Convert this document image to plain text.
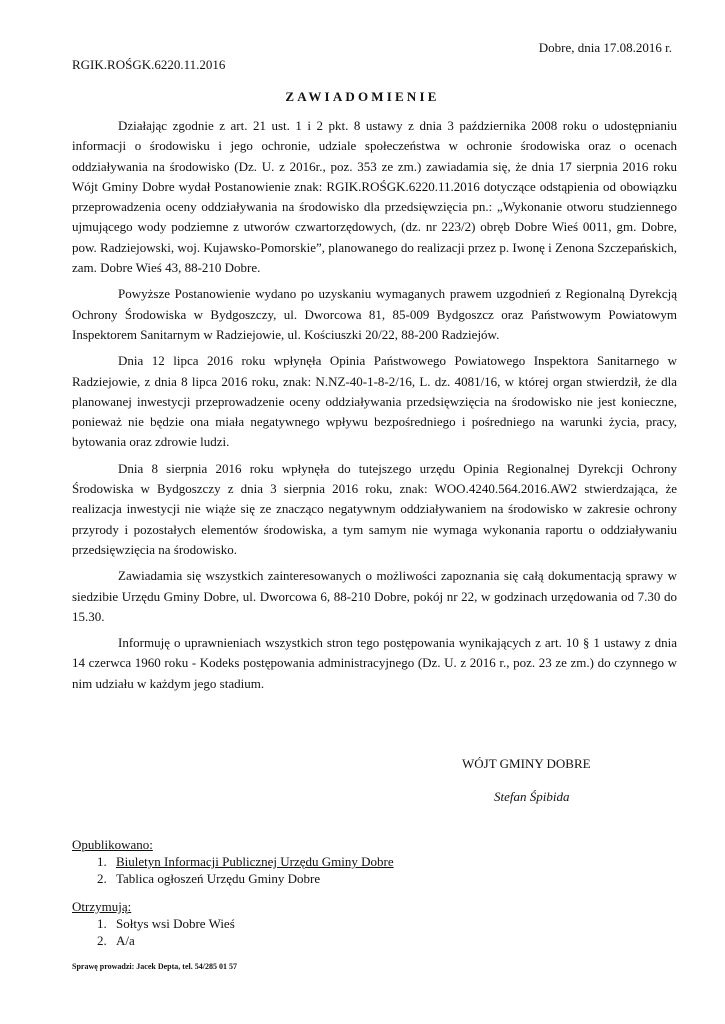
Dobre, dnia 17.08.2016 r.
RGIK.ROŚGK.6220.11.2016
ZAWIADOMIENIE

Działając zgodnie z art. 21 ust. 1 i 2 pkt. 8 ustawy z dnia 3 października 2008 roku o udostępnianiu informacji o środowisku i jego ochronie, udziale społeczeństwa w ochronie środowiska oraz o ocenach oddziaływania na środowisko (Dz. U. z 2016r., poz. 353 ze zm.) zawiadamia się, że dnia 17 sierpnia 2016 roku Wójt Gminy Dobre wydał Postanowienie znak: RGIK.ROŚGK.6220.11.2016 dotyczące odstąpienia od obowiązku przeprowadzenia oceny oddziaływania na środowisko dla przedsięwzięcia pn.: „Wykonanie otworu studziennego ujmującego wody podziemne z utworów czwartorzędowych, (dz. nr 223/2) obręb Dobre Wieś 0011, gm. Dobre, pow. Radziejowski, woj. Kujawsko-Pomorskie”, planowanego do realizacji przez p. Iwonę i Zenona Szczepańskich, zam. Dobre Wieś 43, 88-210 Dobre.

Powyższe Postanowienie wydano po uzyskaniu wymaganych prawem uzgodnień z Regionalną Dyrekcją Ochrony Środowiska w Bydgoszczy, ul. Dworcowa 81, 85-009 Bydgoszcz oraz Państwowym Powiatowym Inspektorem Sanitarnym w Radziejowie, ul. Kościuszki 20/22, 88-200 Radziejów.

Dnia 12 lipca 2016 roku wpłynęła Opinia Państwowego Powiatowego Inspektora Sanitarnego w Radziejowie, z dnia 8 lipca 2016 roku, znak: N.NZ-40-1-8-2/16, L. dz. 4081/16, w której organ stwierdził, że dla planowanej inwestycji przeprowadzenie oceny oddziaływania przedsięwzięcia na środowisko nie jest konieczne, ponieważ nie będzie ona miała negatywnego wpływu bezpośredniego i pośredniego na warunki życia, pracy, bytowania oraz zdrowie ludzi.

Dnia 8 sierpnia 2016 roku wpłynęła do tutejszego urzędu Opinia Regionalnej Dyrekcji Ochrony Środowiska w Bydgoszczy z dnia 3 sierpnia 2016 roku, znak: WOO.4240.564.2016.AW2 stwierdzająca, że realizacja inwestycji nie wiąże się ze znacząco negatywnym oddziaływaniem na środowisko w zakresie ochrony przyrody i pozostałych elementów środowiska, a tym samym nie wymaga wykonania raportu o oddziaływaniu przedsięwzięcia na środowisko.

Zawiadamia się wszystkich zainteresowanych o możliwości zapoznania się całą dokumentacją sprawy w siedzibie Urzędu Gminy Dobre, ul. Dworcowa 6, 88-210 Dobre, pokój nr 22, w godzinach urzędowania od 7.30 do 15.30.

Informuję o uprawnieniach wszystkich stron tego postępowania wynikających z art. 10 § 1 ustawy z dnia 14 czerwca 1960 roku - Kodeks postępowania administracyjnego (Dz. U. z 2016 r., poz. 23 ze zm.) do czynnego w nim udziału w każdym jego stadium.

WÓJT GMINY DOBRE
Stefan Śpibida
Opublikowano:
1. Biuletyn Informacji Publicznej Urzędu Gminy Dobre
2. Tablica ogłoszeń Urzędu Gminy Dobre
Otrzymują:
1. Sołtys wsi Dobre Wieś
2. A/a
Sprawę prowadzi: Jacek Depta, tel. 54/285 01 57
